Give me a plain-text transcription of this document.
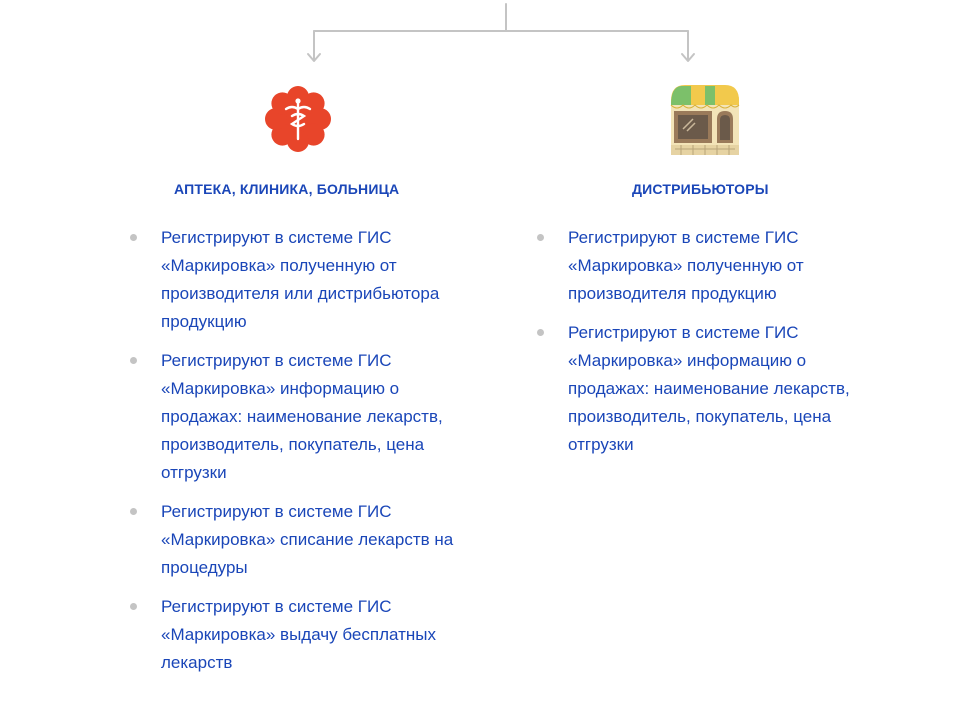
АПТЕКА, КЛИНИКА, БОЛЬНИЦА
Регистрируют в системе ГИС «Маркировка» полученную от производителя или дистрибьютора продукцию
Регистрируют в системе ГИС «Маркировка» информацию о продажах: наименование лекарств, производитель, покупатель, цена отгрузки
Регистрируют в системе ГИС «Маркировка» списание лекарств на процедуры
Регистрируют в системе ГИС «Маркировка» выдачу бесплатных лекарств
ДИСТРИБЬЮТОРЫ
Регистрируют в системе ГИС «Маркировка» полученную от производителя продукцию
Регистрируют в системе ГИС «Маркировка» информацию о продажах: наименование лекарств, производитель, покупатель, цена отгрузки
